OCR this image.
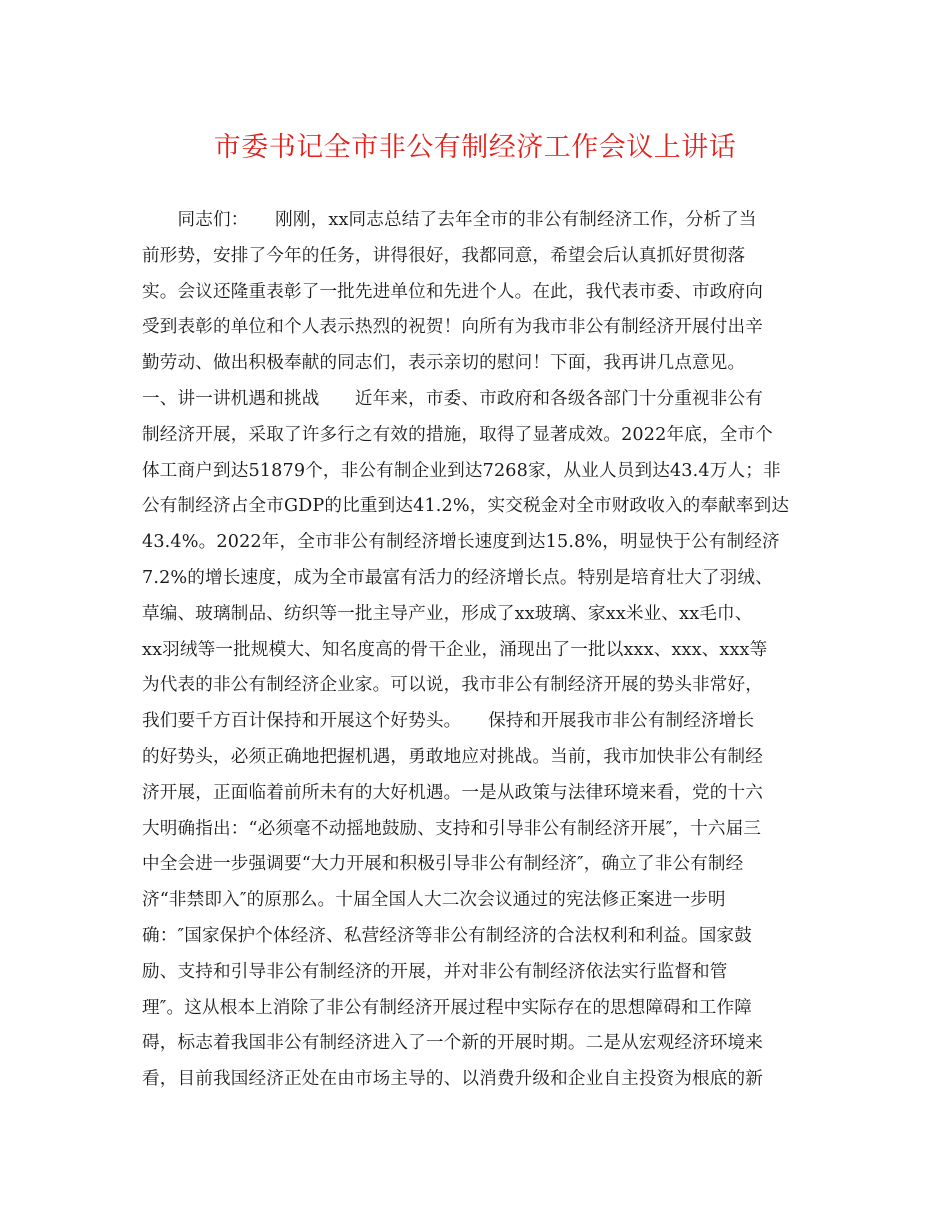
市委书记全市非公有制经济工作会议上讲话
　　同志们：　　刚刚，xx同志总结了去年全市的非公有制经济工作，分析了当
前形势，安排了今年的任务，讲得很好，我都同意，希望会后认真抓好贯彻落
实。会议还隆重表彰了一批先进单位和先进个人。在此，我代表市委、市政府向
受到表彰的单位和个人表示热烈的祝贺！向所有为我市非公有制经济开展付出辛
勤劳动、做出积极奉献的同志们，表示亲切的慰问！下面，我再讲几点意见。
一、讲一讲机遇和挑战　　近年来，市委、市政府和各级各部门十分重视非公有
制经济开展，采取了许多行之有效的措施，取得了显著成效。2022年底，全市个
体工商户到达51879个，非公有制企业到达7268家，从业人员到达43.4万人；非
公有制经济占全市GDP的比重到达41.2%，实交税金对全市财政收入的奉献率到达
43.4%。2022年，全市非公有制经济增长速度到达15.8%，明显快于公有制经济
7.2%的增长速度，成为全市最富有活力的经济增长点。特别是培育壮大了羽绒、
草编、玻璃制品、纺织等一批主导产业，形成了xx玻璃、家xx米业、xx毛巾、
xx羽绒等一批规模大、知名度高的骨干企业，涌现出了一批以xxx、xxx、xxx等
为代表的非公有制经济企业家。可以说，我市非公有制经济开展的势头非常好，
我们要千方百计保持和开展这个好势头。　　保持和开展我市非公有制经济增长
的好势头，必须正确地把握机遇，勇敢地应对挑战。当前，我市加快非公有制经
济开展，正面临着前所未有的大好机遇。一是从政策与法律环境来看，党的十六
大明确指出：“必须毫不动摇地鼓励、支持和引导非公有制经济开展″，十六届三
中全会进一步强调要“大力开展和积极引导非公有制经济″，确立了非公有制经
济“非禁即入″的原那么。十届全国人大二次会议通过的宪法修正案进一步明
确：″国家保护个体经济、私营经济等非公有制经济的合法权利和利益。国家鼓
励、支持和引导非公有制经济的开展，并对非公有制经济依法实行监督和管
理″。这从根本上消除了非公有制经济开展过程中实际存在的思想障碍和工作障
碍，标志着我国非公有制经济进入了一个新的开展时期。二是从宏观经济环境来
看，目前我国经济正处在由市场主导的、以消费升级和企业自主投资为根底的新
